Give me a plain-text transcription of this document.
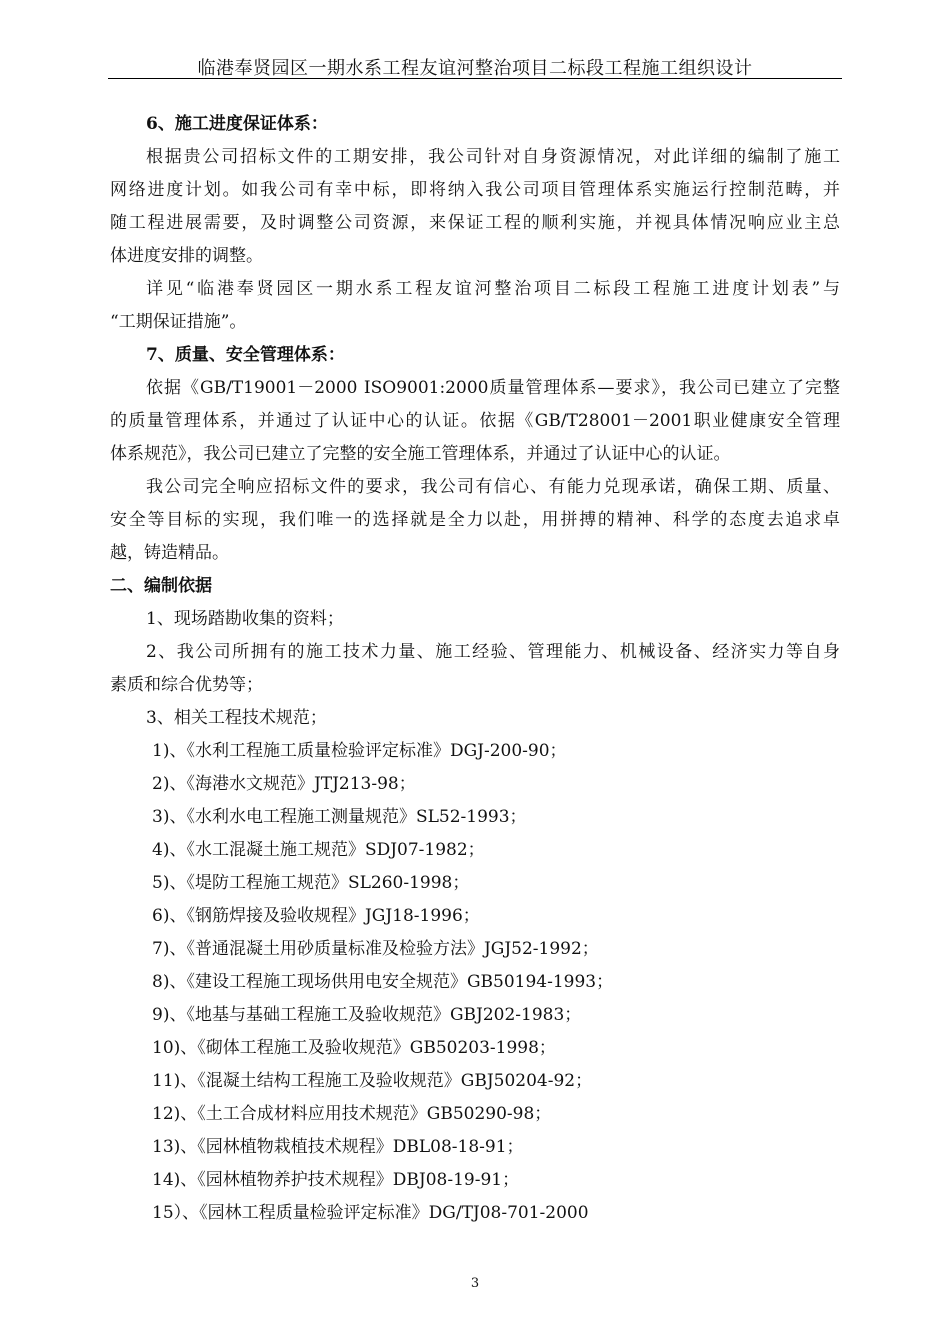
临港奉贤园区一期水系工程友谊河整治项目二标段工程施工组织设计
6、施工进度保证体系：
根据贵公司招标文件的工期安排，我公司针对自身资源情况，对此详细的编制了施工
网络进度计划。如我公司有幸中标，即将纳入我公司项目管理体系实施运行控制范畴，并
随工程进展需要，及时调整公司资源，来保证工程的顺利实施，并视具体情况响应业主总
体进度安排的调整。
详见“临港奉贤园区一期水系工程友谊河整治项目二标段工程施工进度计划表”与
“工期保证措施”。
7、质量、安全管理体系：
依据《GB/T19001－2000 ISO9001:2000质量管理体系—要求》，我公司已建立了完整
的质量管理体系，并通过了认证中心的认证。依据《GB/T28001－2001职业健康安全管理
体系规范》，我公司已建立了完整的安全施工管理体系，并通过了认证中心的认证。
我公司完全响应招标文件的要求，我公司有信心、有能力兑现承诺，确保工期、质量、
安全等目标的实现，我们唯一的选择就是全力以赴，用拼搏的精神、科学的态度去追求卓
越，铸造精品。
二、编制依据
1、现场踏勘收集的资料；
2、我公司所拥有的施工技术力量、施工经验、管理能力、机械设备、经济实力等自身
素质和综合优势等；
3、相关工程技术规范；
1)、《水利工程施工质量检验评定标准》DGJ-200-90；
2)、《海港水文规范》JTJ213-98；
3)、《水利水电工程施工测量规范》SL52-1993；
4)、《水工混凝土施工规范》SDJ07-1982；
5)、《堤防工程施工规范》SL260-1998；
6)、《钢筋焊接及验收规程》JGJ18-1996；
7)、《普通混凝土用砂质量标准及检验方法》JGJ52-1992；
8)、《建设工程施工现场供用电安全规范》GB50194-1993；
9)、《地基与基础工程施工及验收规范》GBJ202-1983；
10)、《砌体工程施工及验收规范》GB50203-1998；
11)、《混凝土结构工程施工及验收规范》GBJ50204-92；
12)、《土工合成材料应用技术规范》GB50290-98；
13)、《园林植物栽植技术规程》DBL08-18-91；
14)、《园林植物养护技术规程》DBJ08-19-91；
15）、《园林工程质量检验评定标准》DG/TJ08-701-2000
3
